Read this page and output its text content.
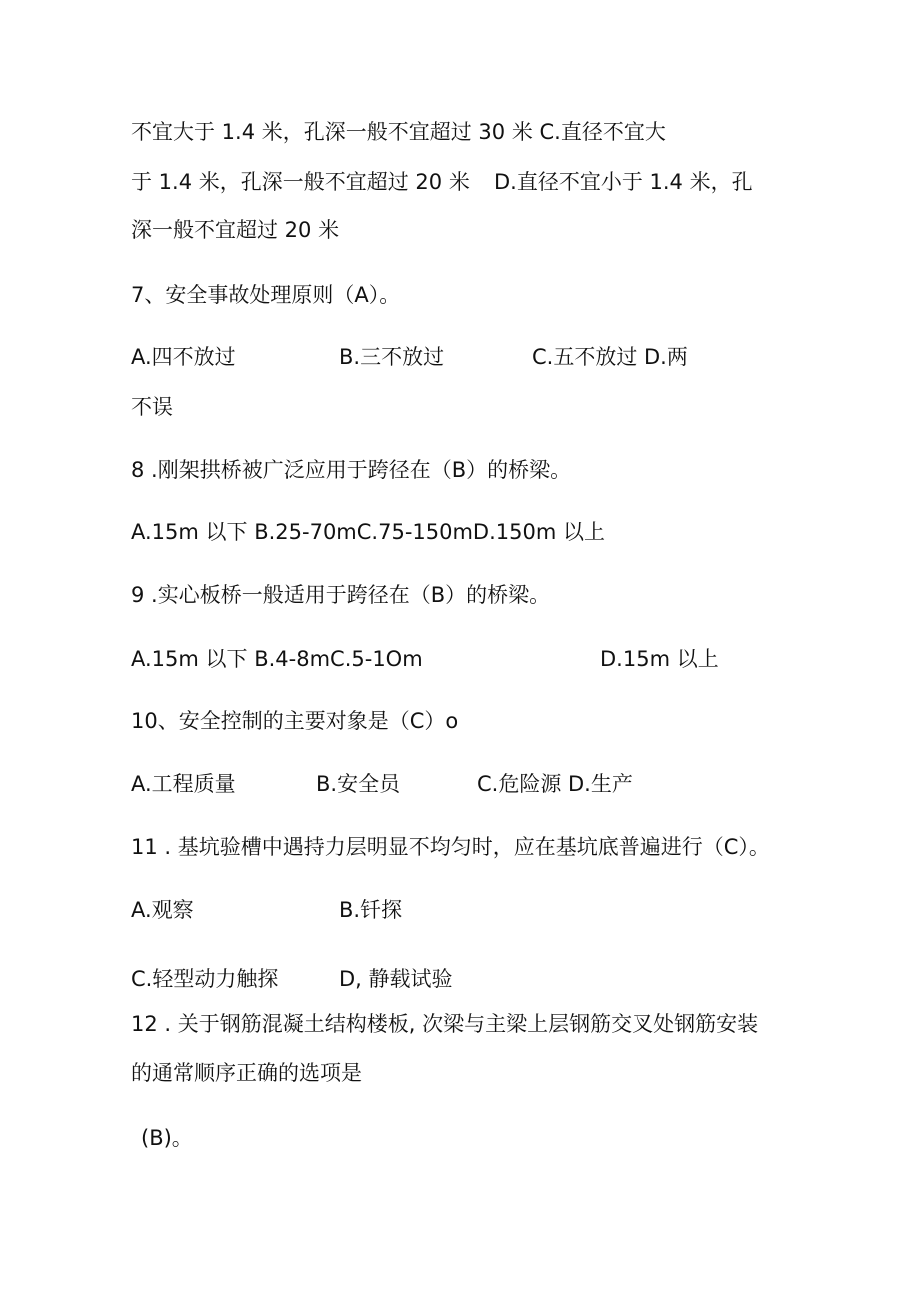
不宜大于 1.4 米，孔深一般不宜超过 30 米 C.直径不宜大
于 1.4 米，孔深一般不宜超过 20 米 D.直径不宜小于 1.4 米，孔
深一般不宜超过 20 米
7、安全事故处理原则（A）。
A.四不放过	B.三不放过	C.五不放过 D.两
不误
8 .刚架拱桥被广泛应用于跨径在（B）的桥梁。
A.15m 以下 B.25-70mC.75-150mD.150m 以上
9 .实心板桥一般适用于跨径在（B）的桥梁。
A.15m 以下 B.4-8mC.5-1Om	D.15m 以上
10、安全控制的主要对象是（C）o
A.工程质量	B.安全员	C.危险源 D.生产
11 . 基坑验槽中遇持力层明显不均匀时，应在基坑底普遍进行（C）。
A.观察	B.钎探
C.轻型动力触探	D, 静载试验
12 . 关于钢筋混凝土结构楼板, 次梁与主梁上层钢筋交叉处钢筋安装
的通常顺序正确的选项是
(B)。
